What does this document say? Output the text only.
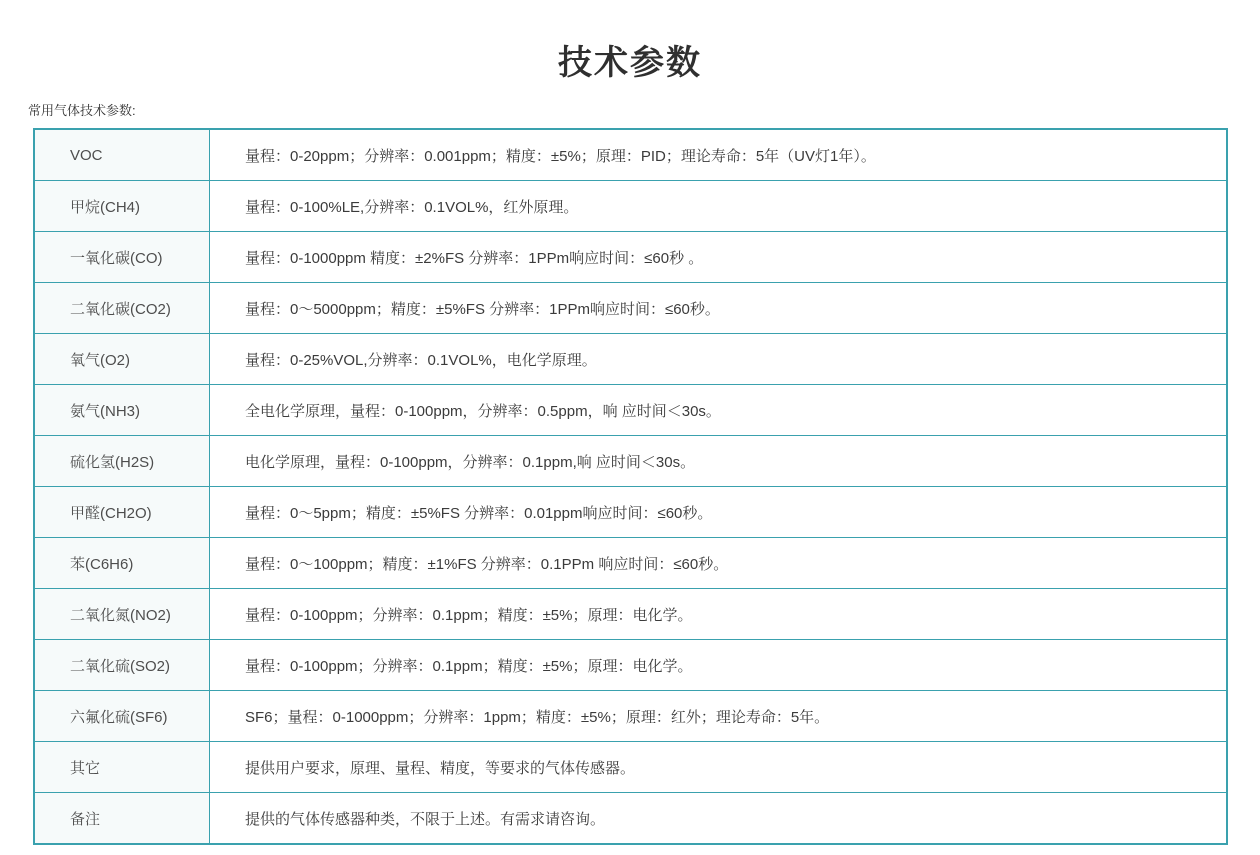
技术参数
常用气体技术参数:
VOC	量程：0-20ppm；分辨率：0.001ppm；精度：±5%；原理：PID；理论寿命：5年（UV灯1年）。
甲烷(CH4)	量程：0-100%LE,分辨率：0.1VOL%，红外原理。
一氧化碳(CO)	量程：0-1000ppm 精度：±2%FS 分辨率：1PPm响应时间：≤60秒 。
二氧化碳(CO2)	量程：0～5000ppm；精度：±5%FS 分辨率：1PPm响应时间：≤60秒。
氧气(O2)	量程：0-25%VOL,分辨率：0.1VOL%，电化学原理。
氨气(NH3)	全电化学原理，量程：0-100ppm，分辨率：0.5ppm，响 应时间＜30s。
硫化氢(H2S)	电化学原理，量程：0-100ppm，分辨率：0.1ppm,响 应时间＜30s。
甲醛(CH2O)	量程：0～5ppm；精度：±5%FS 分辨率：0.01ppm响应时间：≤60秒。
苯(C6H6)	量程：0～100ppm；精度：±1%FS 分辨率：0.1PPm 响应时间：≤60秒。
二氧化氮(NO2)	量程：0-100ppm；分辨率：0.1ppm；精度：±5%；原理：电化学。
二氧化硫(SO2)	量程：0-100ppm；分辨率：0.1ppm；精度：±5%；原理：电化学。
六氟化硫(SF6)	SF6；量程：0-1000ppm；分辨率：1ppm；精度：±5%；原理：红外；理论寿命：5年。
其它	提供用户要求，原理、量程、精度，等要求的气体传感器。
备注	提供的气体传感器种类，不限于上述。有需求请咨询。
